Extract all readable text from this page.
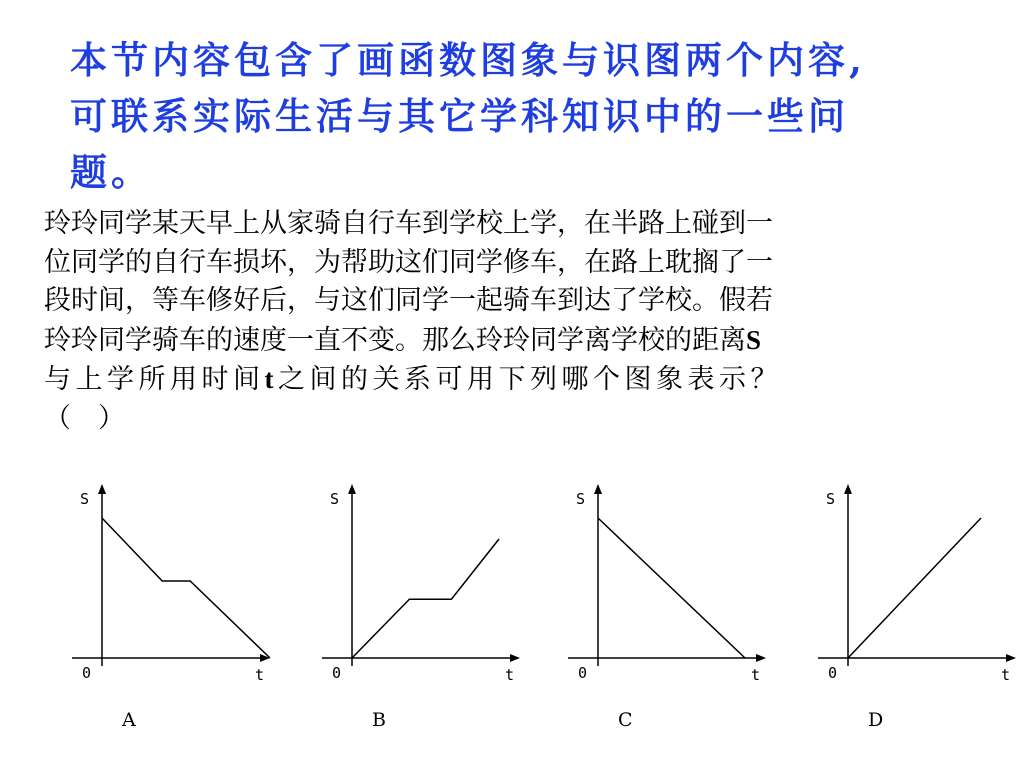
本节内容包含了画函数图象与识图两个内容,
可联系实际生活与其它学科知识中的一些问
题。
玲玲同学某天早上从家骑自行车到学校上学，在半路上碰到一
位同学的自行车损坏，为帮助这们同学修车，在路上耽搁了一
段时间，等车修好后，与这们同学一起骑车到达了学校。假若
玲玲同学骑车的速度一直不变。那么玲玲同学离学校的距离S
与上学所用时间t之间的关系可用下列哪个图象表示？
（　）
S
t
0
A
S
t
0
B
S
t
0
C
S
t
0
D
